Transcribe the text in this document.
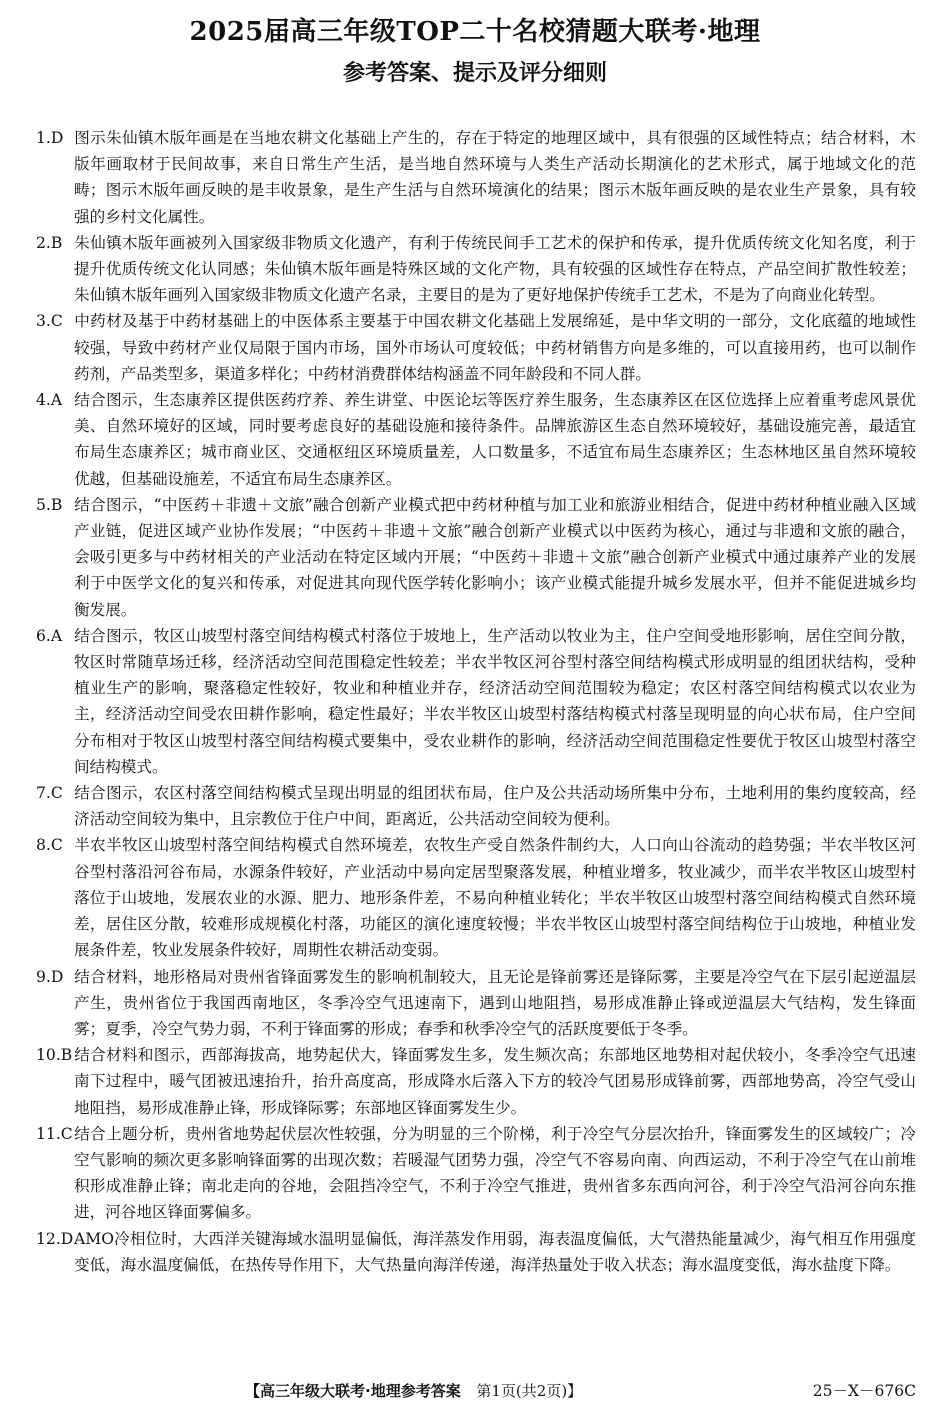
2025届高三年级TOP二十名校猜题大联考·地理
参考答案、提示及评分细则

1.D 图示朱仙镇木版年画是在当地农耕文化基础上产生的，存在于特定的地理区域中，具有很强的区域性特点；结合材料，木版年画取材于民间故事，来自日常生产生活，是当地自然环境与人类生产活动长期演化的艺术形式，属于地域文化的范畴；图示木版年画反映的是丰收景象，是生产生活与自然环境演化的结果；图示木版年画反映的是农业生产景象，具有较强的乡村文化属性。

2.B 朱仙镇木版年画被列入国家级非物质文化遗产，有利于传统民间手工艺术的保护和传承，提升优质传统文化知名度，利于提升优质传统文化认同感；朱仙镇木版年画是特殊区域的文化产物，具有较强的区域性存在特点，产品空间扩散性较差；朱仙镇木版年画列入国家级非物质文化遗产名录，主要目的是为了更好地保护传统手工艺术，不是为了向商业化转型。

3.C 中药材及基于中药材基础上的中医体系主要基于中国农耕文化基础上发展绵延，是中华文明的一部分，文化底蕴的地域性较强，导致中药材产业仅局限于国内市场，国外市场认可度较低；中药材销售方向是多维的，可以直接用药，也可以制作药剂，产品类型多，渠道多样化；中药材消费群体结构涵盖不同年龄段和不同人群。

4.A 结合图示，生态康养区提供医药疗养、养生讲堂、中医论坛等医疗养生服务，生态康养区在区位选择上应着重考虑风景优美、自然环境好的区域，同时要考虑良好的基础设施和接待条件。品牌旅游区生态自然环境较好，基础设施完善，最适宜布局生态康养区；城市商业区、交通枢纽区环境质量差，人口数量多，不适宜布局生态康养区；生态林地区虽自然环境较优越，但基础设施差，不适宜布局生态康养区。

5.B 结合图示，“中医药＋非遗＋文旅”融合创新产业模式把中药材种植与加工业和旅游业相结合，促进中药材种植业融入区域产业链，促进区域产业协作发展；“中医药＋非遗＋文旅”融合创新产业模式以中医药为核心，通过与非遗和文旅的融合，会吸引更多与中药材相关的产业活动在特定区域内开展；“中医药＋非遗＋文旅”融合创新产业模式中通过康养产业的发展利于中医学文化的复兴和传承，对促进其向现代医学转化影响小；该产业模式能提升城乡发展水平，但并不能促进城乡均衡发展。

6.A 结合图示，牧区山坡型村落空间结构模式村落位于坡地上，生产活动以牧业为主，住户空间受地形影响，居住空间分散，牧区时常随草场迁移，经济活动空间范围稳定性较差；半农半牧区河谷型村落空间结构模式形成明显的组团状结构，受种植业生产的影响，聚落稳定性较好，牧业和种植业并存，经济活动空间范围较为稳定；农区村落空间结构模式以农业为主，经济活动空间受农田耕作影响，稳定性最好；半农半牧区山坡型村落结构模式村落呈现明显的向心状布局，住户空间分布相对于牧区山坡型村落空间结构模式要集中，受农业耕作的影响，经济活动空间范围稳定性要优于牧区山坡型村落空间结构模式。

7.C 结合图示，农区村落空间结构模式呈现出明显的组团状布局，住户及公共活动场所集中分布，土地利用的集约度较高，经济活动空间较为集中，且宗教位于住户中间，距离近，公共活动空间较为便利。

8.C 半农半牧区山坡型村落空间结构模式自然环境差，农牧生产受自然条件制约大，人口向山谷流动的趋势强；半农半牧区河谷型村落沿河谷布局，水源条件较好，产业活动中易向定居型聚落发展，种植业增多，牧业减少，而半农半牧区山坡型村落位于山坡地，发展农业的水源、肥力、地形条件差，不易向种植业转化；半农半牧区山坡型村落空间结构模式自然环境差，居住区分散，较难形成规模化村落，功能区的演化速度较慢；半农半牧区山坡型村落空间结构位于山坡地，种植业发展条件差，牧业发展条件较好，周期性农耕活动变弱。

9.D 结合材料，地形格局对贵州省锋面雾发生的影响机制较大，且无论是锋前雾还是锋际雾，主要是冷空气在下层引起逆温层产生，贵州省位于我国西南地区，冬季冷空气迅速南下，遇到山地阻挡，易形成准静止锋或逆温层大气结构，发生锋面雾；夏季，冷空气势力弱，不利于锋面雾的形成；春季和秋季冷空气的活跃度要低于冬季。

10.B 结合材料和图示，西部海拔高，地势起伏大，锋面雾发生多，发生频次高；东部地区地势相对起伏较小，冬季冷空气迅速南下过程中，暖气团被迅速抬升，抬升高度高，形成降水后落入下方的较冷气团易形成锋前雾，西部地势高，冷空气受山地阻挡，易形成准静止锋，形成锋际雾；东部地区锋面雾发生少。

11.C结合上题分析，贵州省地势起伏层次性较强，分为明显的三个阶梯，利于冷空气分层次抬升，锋面雾发生的区域较广；冷空气影响的频次更多影响锋面雾的出现次数；若暖湿气团势力强，冷空气不容易向南、向西运动，不利于冷空气在山前堆积形成准静止锋；南北走向的谷地，会阻挡冷空气，不利于冷空气推进，贵州省多东西向河谷，利于冷空气沿河谷向东推进，河谷地区锋面雾偏多。

12.DAMO冷相位时，大西洋关键海域水温明显偏低，海洋蒸发作用弱，海表温度偏低，大气潜热能量减少，海气相互作用强度变低，海水温度偏低，在热传导作用下，大气热量向海洋传递，海洋热量处于收入状态；海水温度变低，海水盐度下降。

【高三年级大联考·地理参考答案 第1页(共2页)】	25－X－676C
